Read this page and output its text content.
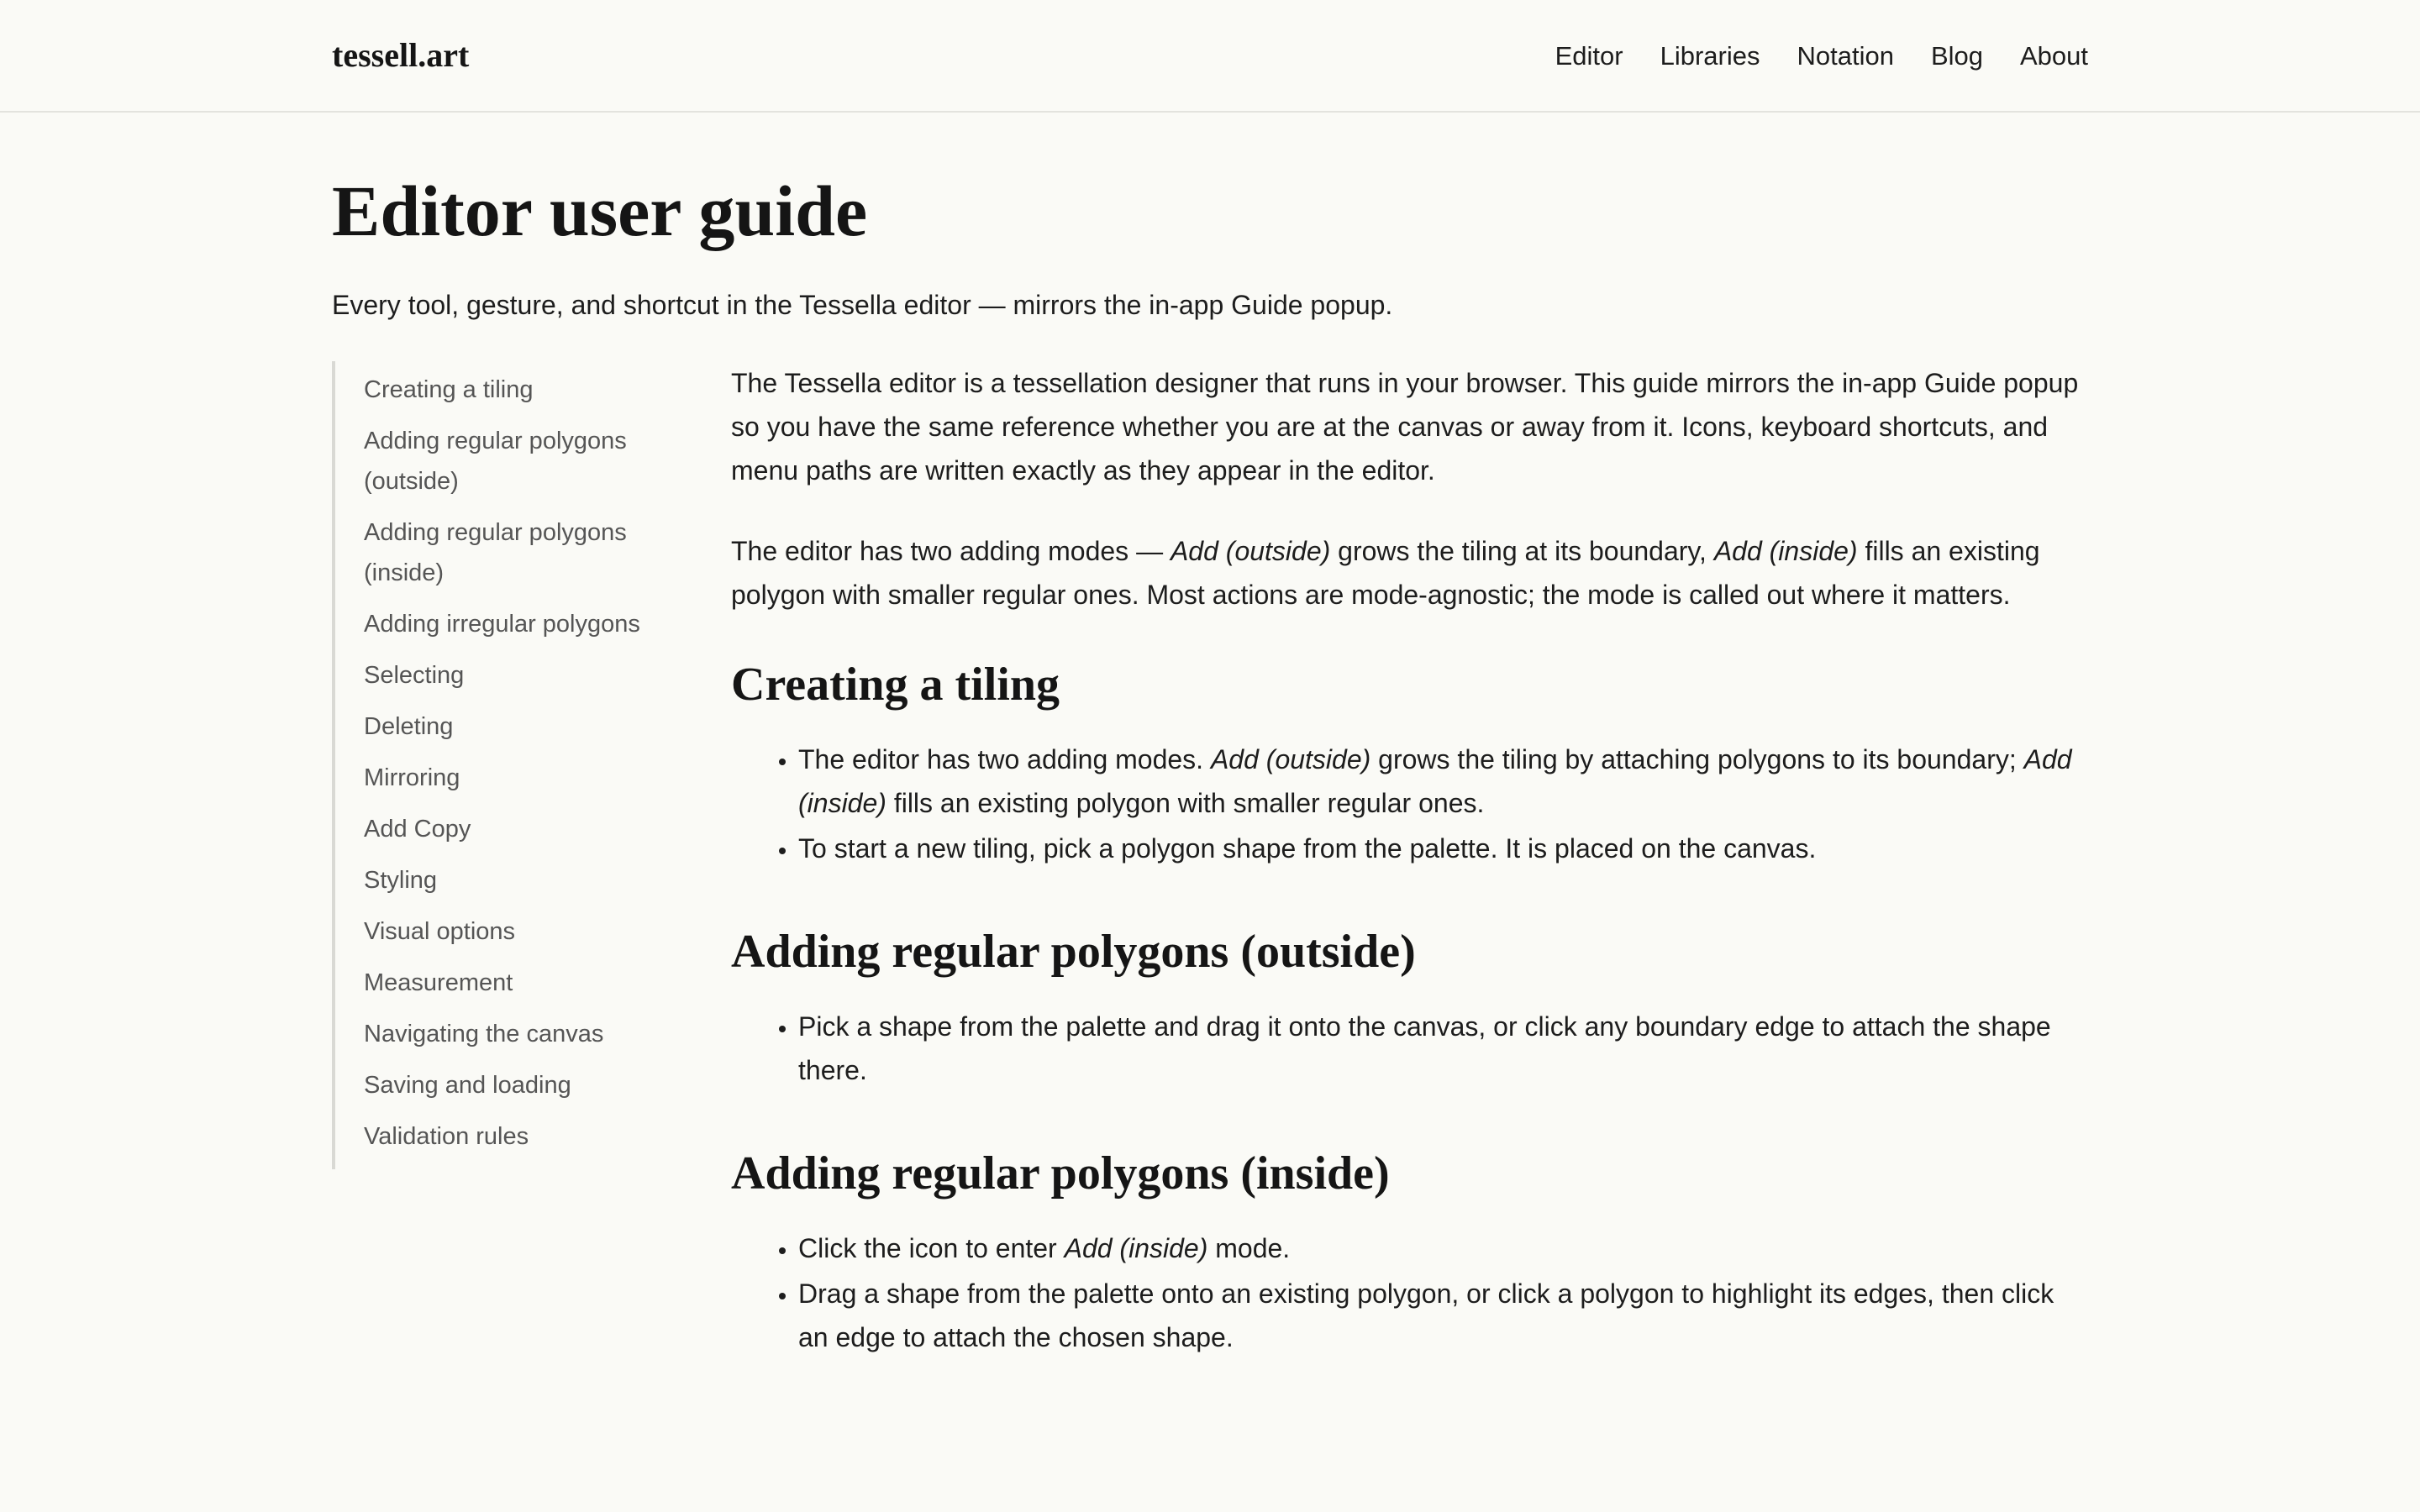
tessell.art	Editor Libraries Notation Blog About
Editor user guide

Every tool, gesture, and shortcut in the Tessella editor — mirrors the in-app Guide popup.

Creating a tiling
Adding regular polygons (outside)
Adding regular polygons (inside)
Adding irregular polygons
Selecting
Deleting
Mirroring
Add Copy
Styling
Visual options
Measurement
Navigating the canvas
Saving and loading
Validation rules

The Tessella editor is a tessellation designer that runs in your browser. This guide mirrors the in-app Guide popup so you have the same reference whether you are at the canvas or away from it. Icons, keyboard shortcuts, and menu paths are written exactly as they appear in the editor.

The editor has two adding modes — Add (outside) grows the tiling at its boundary, Add (inside) fills an existing polygon with smaller regular ones. Most actions are mode-agnostic; the mode is called out where it matters.

Creating a tiling
• The editor has two adding modes. Add (outside) grows the tiling by attaching polygons to its boundary; Add (inside) fills an existing polygon with smaller regular ones.
• To start a new tiling, pick a polygon shape from the palette. It is placed on the canvas.
Adding regular polygons (outside)
• Pick a shape from the palette and drag it onto the canvas, or click any boundary edge to attach the shape there.
Adding regular polygons (inside)
• Click the icon to enter Add (inside) mode.
• Drag a shape from the palette onto an existing polygon, or click a polygon to highlight its edges, then click an edge to attach the chosen shape.
